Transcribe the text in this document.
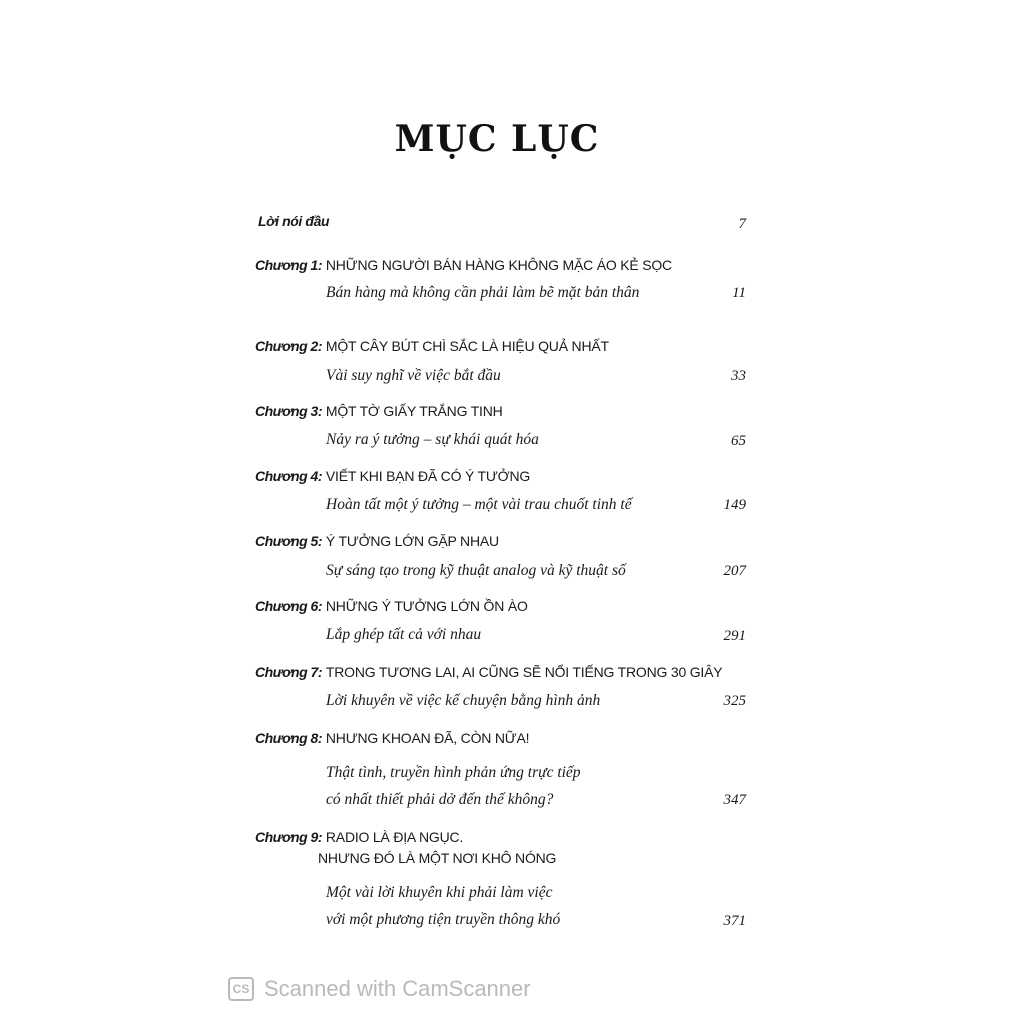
MỤC LỤC
Lời nói đầu	7
Chương 1: NHỮNG NGƯỜI BÁN HÀNG KHÔNG MẶC ÁO KẺ SỌC
Bán hàng mà không cần phải làm bẽ mặt bản thân	11
Chương 2: MỘT CÂY BÚT CHÌ SẮC LÀ HIỆU QUẢ NHẤT
Vài suy nghĩ về việc bắt đầu	33
Chương 3: MỘT TỜ GIẤY TRẮNG TINH
Nảy ra ý tưởng – sự khái quát hóa	65
Chương 4: VIẾT KHI BẠN ĐÃ CÓ Ý TƯỞNG
Hoàn tất một ý tưởng – một vài trau chuốt tinh tế	149
Chương 5: Ý TƯỞNG LỚN GẶP NHAU
Sự sáng tạo trong kỹ thuật analog và kỹ thuật số	207
Chương 6: NHỮNG Ý TƯỞNG LỚN ỒN ÀO
Lắp ghép tất cả với nhau	291
Chương 7: TRONG TƯƠNG LAI, AI CŨNG SẼ NỔI TIẾNG TRONG 30 GIÂY
Lời khuyên về việc kể chuyện bằng hình ảnh	325
Chương 8: NHƯNG KHOAN ĐÃ, CÒN NỮA!
Thật tình, truyền hình phản ứng trực tiếp
có nhất thiết phải dở đến thế không?	347
Chương 9: RADIO LÀ ĐỊA NGỤC.
NHƯNG ĐÓ LÀ MỘT NƠI KHÔ NÓNG
Một vài lời khuyên khi phải làm việc
với một phương tiện truyền thông khó	371
CS Scanned with CamScanner
